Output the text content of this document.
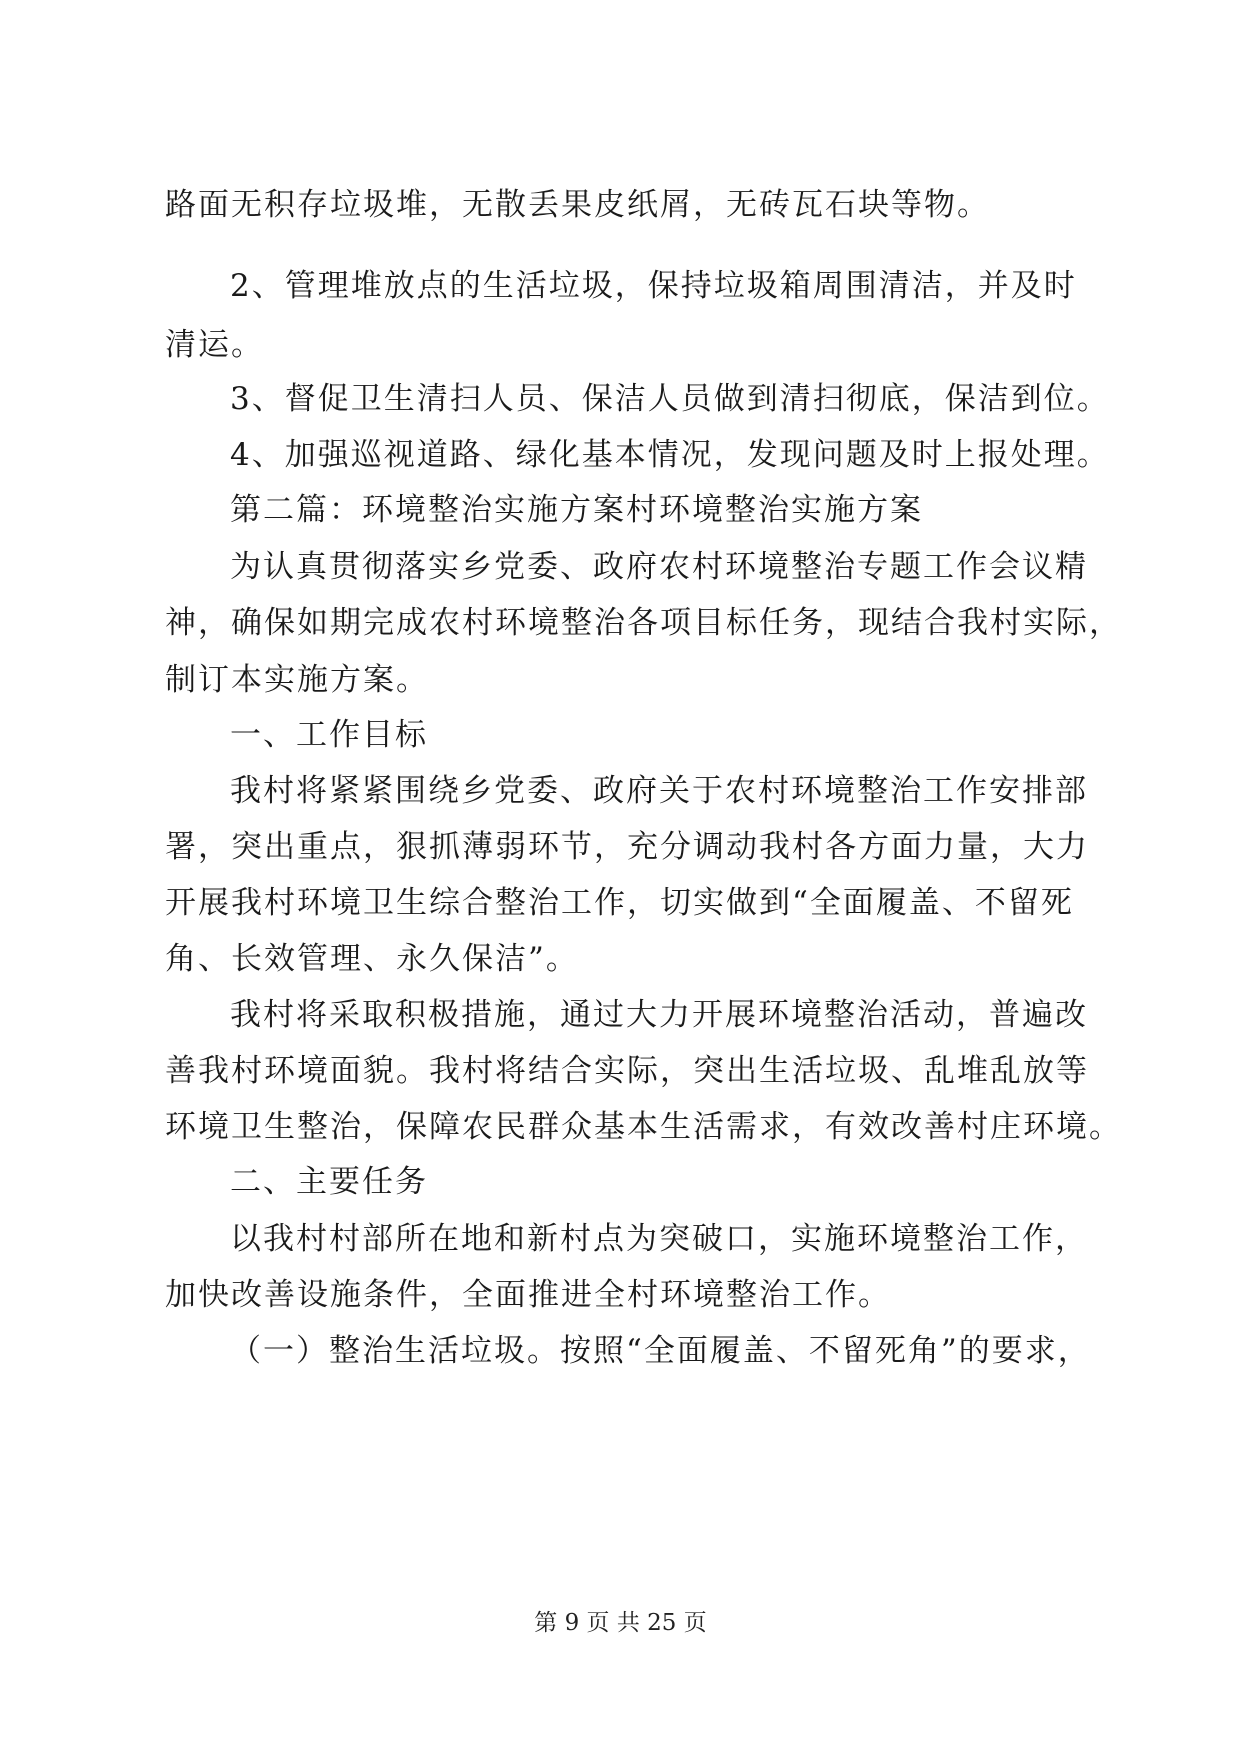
路面无积存垃圾堆，无散丢果皮纸屑，无砖瓦石块等物。
2、管理堆放点的生活垃圾，保持垃圾箱周围清洁，并及时
清运。
3、督促卫生清扫人员、保洁人员做到清扫彻底，保洁到位。
4、加强巡视道路、绿化基本情况，发现问题及时上报处理。
第二篇：环境整治实施方案村环境整治实施方案
为认真贯彻落实乡党委、政府农村环境整治专题工作会议精
神，确保如期完成农村环境整治各项目标任务，现结合我村实际，
制订本实施方案。
一、工作目标
我村将紧紧围绕乡党委、政府关于农村环境整治工作安排部
署，突出重点，狠抓薄弱环节，充分调动我村各方面力量，大力
开展我村环境卫生综合整治工作，切实做到“全面履盖、不留死
角、长效管理、永久保洁”。
我村将采取积极措施，通过大力开展环境整治活动，普遍改
善我村环境面貌。我村将结合实际，突出生活垃圾、乱堆乱放等
环境卫生整治，保障农民群众基本生活需求，有效改善村庄环境。
二、主要任务
以我村村部所在地和新村点为突破口，实施环境整治工作，
加快改善设施条件，全面推进全村环境整治工作。
（一）整治生活垃圾。按照“全面履盖、不留死角”的要求，
第 9 页 共 25 页
